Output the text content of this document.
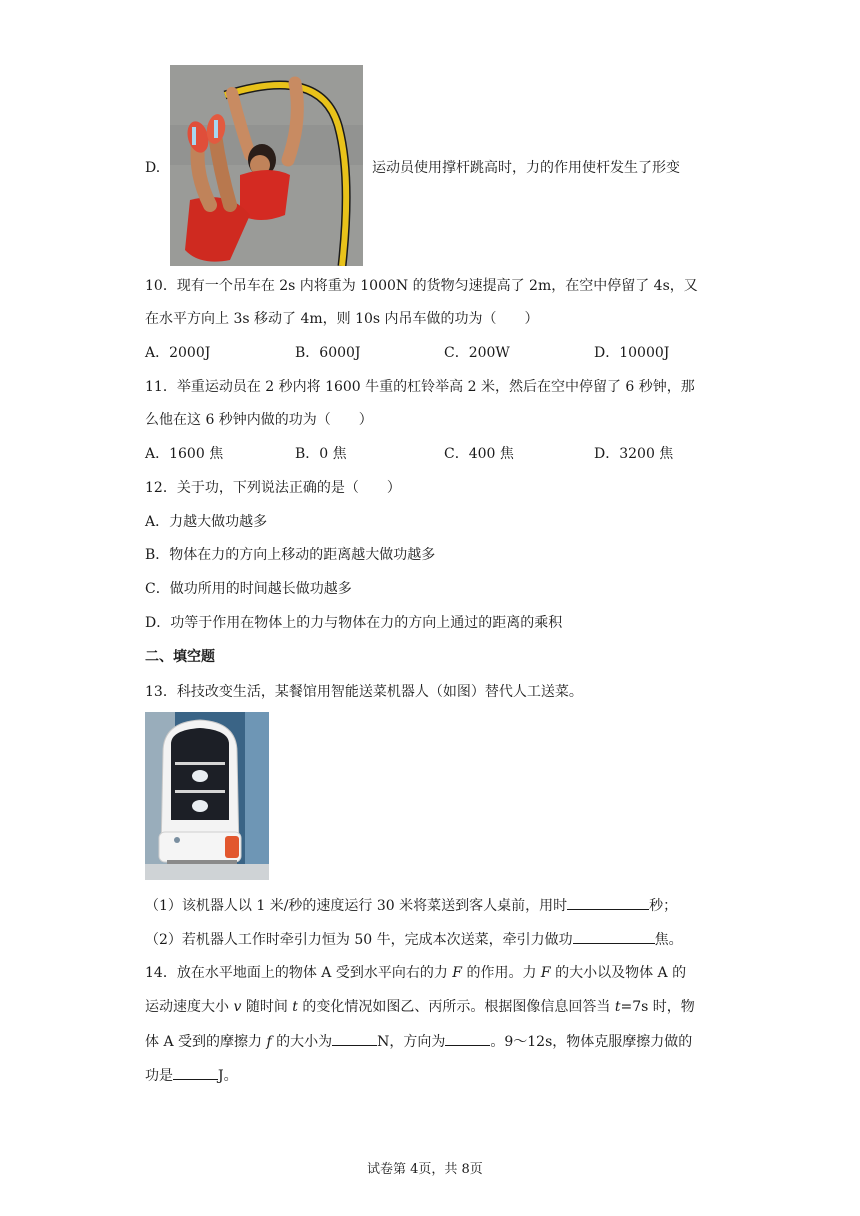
D.	运动员使用撑杆跳高时，力的作用使杆发生了形变
10．现有一个吊车在 2s 内将重为 1000N 的货物匀速提高了 2m，在空中停留了 4s，又
在水平方向上 3s 移动了 4m，则 10s 内吊车做的功为（　　）
A．2000J	B．6000J	C．200W	D．10000J
11．举重运动员在 2 秒内将 1600 牛重的杠铃举高 2 米，然后在空中停留了 6 秒钟，那
么他在这 6 秒钟内做的功为（　　）
A．1600 焦	B．0 焦	C．400 焦	D．3200 焦
12．关于功，下列说法正确的是（　　）
A．力越大做功越多
B．物体在力的方向上移动的距离越大做功越多
C．做功所用的时间越长做功越多
D．功等于作用在物体上的力与物体在力的方向上通过的距离的乘积
二、填空题
13．科技改变生活，某餐馆用智能送菜机器人（如图）替代人工送菜。
（1）该机器人以 1 米/秒的速度运行 30 米将菜送到客人桌前，用时	秒；
（2）若机器人工作时牵引力恒为 50 牛，完成本次送菜，牵引力做功	焦。
14．放在水平地面上的物体 A 受到水平向右的力 F 的作用。力 F 的大小以及物体 A 的
运动速度大小 v 随时间 t 的变化情况如图乙、丙所示。根据图像信息回答当 t=7s 时，物
体 A 受到的摩擦力 f 的大小为	N，方向为	。9～12s，物体克服摩擦力做的
功是	J。
试卷第 4页，共 8页
